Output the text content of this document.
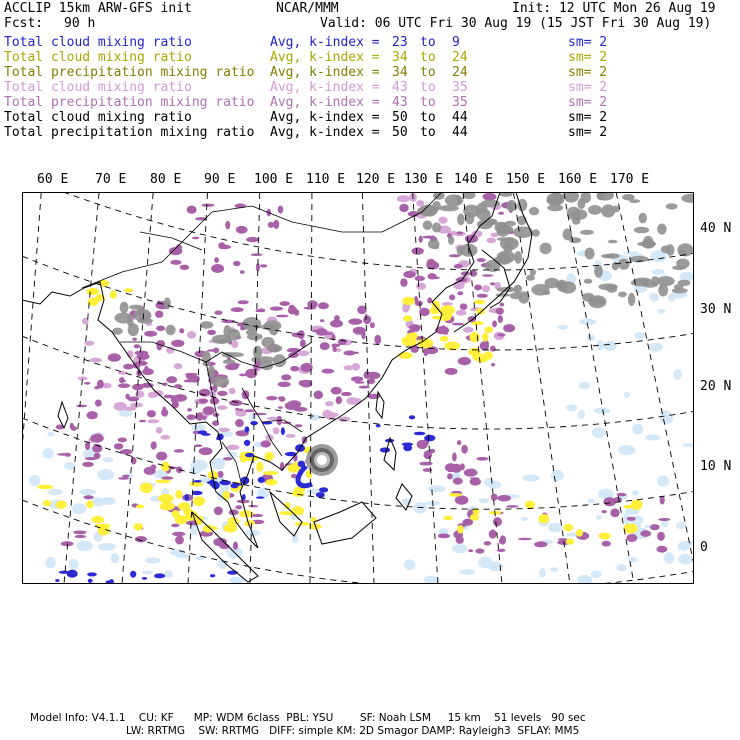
ACCLIP 15km ARW-GFS init	NCAR/MMM	Init: 12 UTC Mon 26 Aug 19
Fcst: 90 h	Valid: 06 UTC Fri 30 Aug 19 (15 JST Fri 30 Aug 19)
Total cloud mixing ratio	Avg, k-index = 23 to 9	sm= 2
Total cloud mixing ratio	Avg, k-index = 34 to 24	sm= 2
Total precipitation mixing ratio Avg, k-index = 34 to 24	sm= 2
Total cloud mixing ratio	Avg, k-index = 43 to 35	sm= 2
Total precipitation mixing ratio Avg, k-index = 43 to 35	sm= 2
Total cloud mixing ratio	Avg, k-index = 50 to 44	sm= 2
Total precipitation mixing ratio Avg, k-index = 50 to 44	sm= 2
60 E 70 E 80 E 90 E 100 E 110 E 120 E 130 E 140 E 150 E 160 E 170 E
40 N
30 N
20 N
10 N
0
Model Info: V4.1.1    CU: KF      MP: WDM 6class  PBL: YSU        SF: Noah LSM     15 km    51 levels   90 sec
LW: RRTMG    SW: RRTMG   DIFF: simple KM: 2D Smagor DAMP: Rayleigh3  SFLAY: MM5
